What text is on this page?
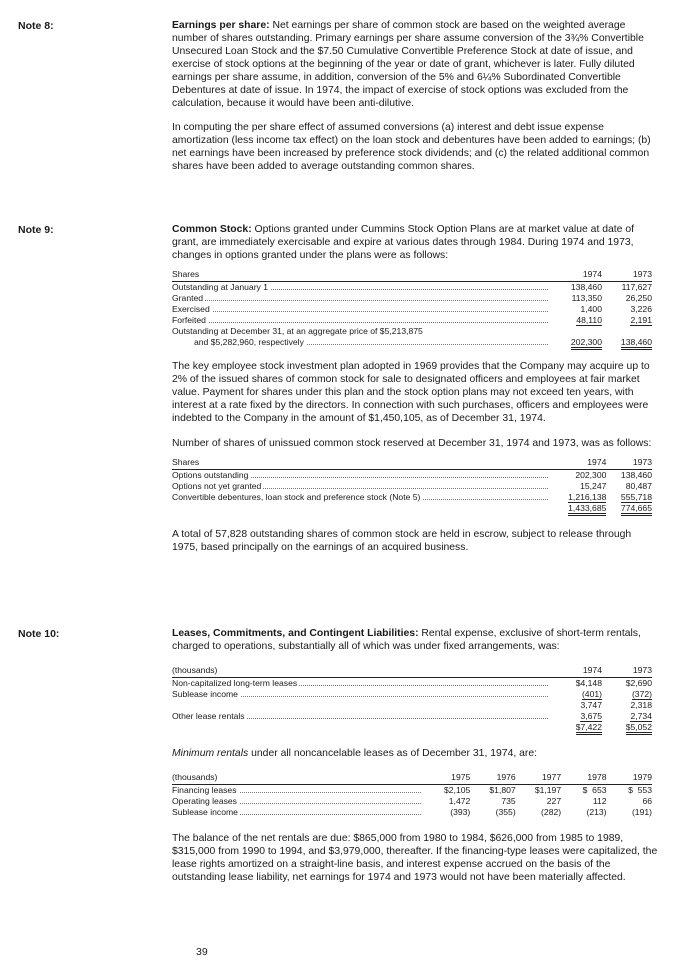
Note 8:	Earnings per share: Net earnings per share of common stock are based on the weighted average number of shares outstanding. Primary earnings per share assume conversion of the 3¾% Convertible Unsecured Loan Stock and the $7.50 Cumulative Convertible Preference Stock at date of issue, and exercise of stock options at the beginning of the year or date of grant, whichever is later. Fully diluted earnings per share assume, in addition, conversion of the 5% and 6¼% Subordinated Convertible Debentures at date of issue. In 1974, the impact of exercise of stock options was excluded from the calculation, because it would have been anti-dilutive.

In computing the per share effect of assumed conversions (a) interest and debt issue expense amortization (less income tax effect) on the loan stock and debentures have been added to earnings; (b) net earnings have been increased by preference stock dividends; and (c) the related additional common shares have been added to average outstanding common shares.

Note 9:	Common Stock: Options granted under Cummins Stock Option Plans are at market value at date of grant, are immediately exercisable and expire at various dates through 1984. During 1974 and 1973, changes in options granted under the plans were as follows:

Shares	1974	1973
Outstanding at January 1	138,460	117,627
Granted	113,350	26,250
Exercised	1,400	3,226
Forfeited	48,110	2,191
Outstanding at December 31, at an aggregate price of $5,213,875		
and $5,282,960, respectively	202,300	138,460

The key employee stock investment plan adopted in 1969 provides that the Company may acquire up to 2% of the issued shares of common stock for sale to designated officers and employees at fair market value. Payment for shares under this plan and the stock option plans may not exceed ten years, with interest at a rate fixed by the directors. In connection with such purchases, officers and employees were indebted to the Company in the amount of $1,450,105, as of December 31, 1974.

Number of shares of unissued common stock reserved at December 31, 1974 and 1973, was as follows:

Shares	1974	1973
Options outstanding	202,300	138,460
Options not yet granted	15,247	80,487
Convertible debentures, loan stock and preference stock (Note 5)	1,216,138	555,718
	1,433,685	774,665

A total of 57,828 outstanding shares of common stock are held in escrow, subject to release through 1975, based principally on the earnings of an acquired business.

Note 10:	Leases, Commitments, and Contingent Liabilities: Rental expense, exclusive of short-term rentals, charged to operations, substantially all of which was under fixed arrangements, was:

(thousands)	1974	1973
Non-capitalized long-term leases	$4,148	$2,690
Sublease income	(401)	(372)
	3,747	2,318
Other lease rentals	3,675	2,734
	$7,422	$5,052

Minimum rentals under all noncancelable leases as of December 31, 1974, are:

(thousands)	1975	1976	1977	1978	1979
Financing leases	$2,105	$1,807	$1,197	$  653	$  553
Operating leases	1,472	735	227	112	66
Sublease income	(393)	(355)	(282)	(213)	(191)

The balance of the net rentals are due: $865,000 from 1980 to 1984, $626,000 from 1985 to 1989, $315,000 from 1990 to 1994, and $3,979,000, thereafter. If the financing-type leases were capitalized, the lease rights amortized on a straight-line basis, and interest expense accrued on the basis of the outstanding lease liability, net earnings for 1974 and 1973 would not have been materially affected.

39
